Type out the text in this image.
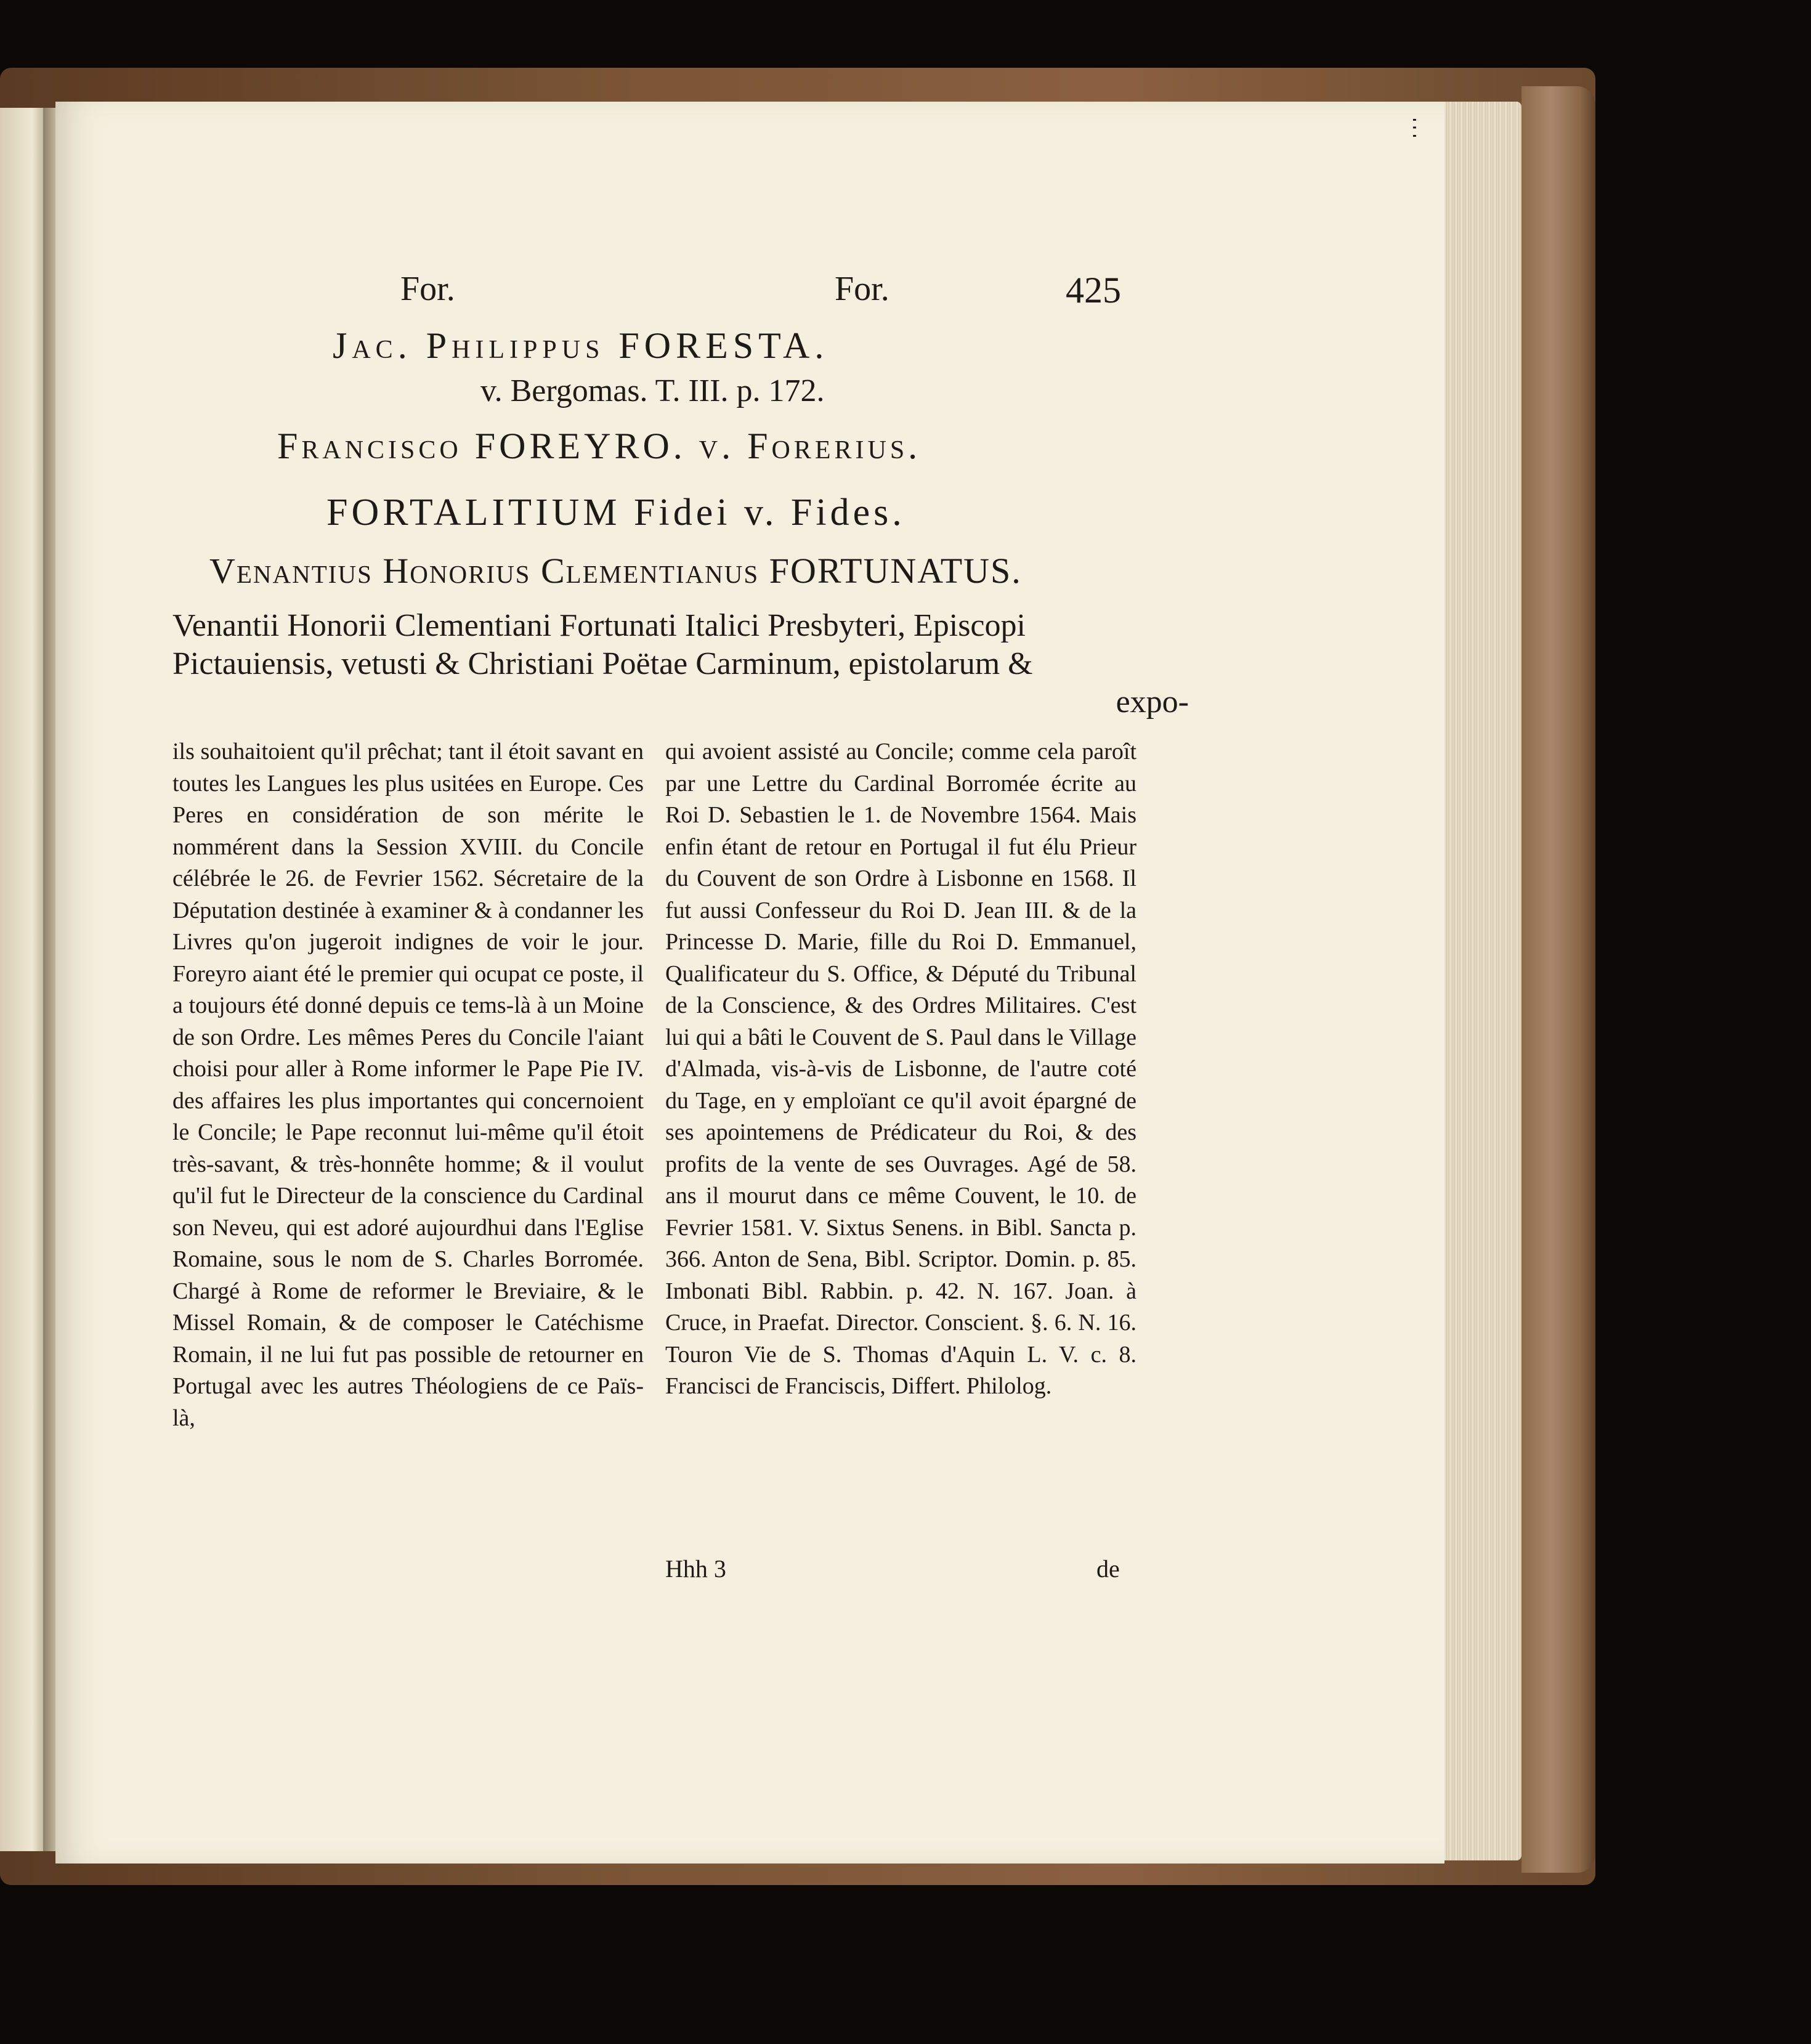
ⵗ
For.	For.	425
Jac. Philippus FORESTA.
v. Bergomas. T. III. p. 172.
Francisco FOREYRO. v. Forerius.
FORTALITIUM Fidei v. Fides.
Venantius Honorius Clementianus FORTUNATUS.
Venantii Honorii Clementiani Fortunati Italici Presbyteri, Episcopi
Pictauiensis, vetusti & Christiani Poëtae Carminum, epistolarum &
expo-

ils souhaitoient qu'il prêchat; tant il étoit savant en toutes les Langues les plus usitées en Europe. Ces Peres en considération de son mérite le nommérent dans la Session XVIII. du Concile célébrée le 26. de Fevrier 1562. Sécretaire de la Députation destinée à examiner & à condanner les Livres qu'on jugeroit indignes de voir le jour. Foreyro aiant été le premier qui ocupat ce poste, il a toujours été donné depuis ce tems-là à un Moine de son Ordre. Les mêmes Peres du Concile l'aiant choisi pour aller à Rome informer le Pape Pie IV. des affaires les plus importantes qui concernoient le Concile; le Pape reconnut lui-même qu'il étoit très-savant, & très-honnête homme; & il voulut qu'il fut le Directeur de la conscience du Cardinal son Neveu, qui est adoré aujourdhui dans l'Eglise Romaine, sous le nom de S. Charles Borromée. Chargé à Rome de reformer le Breviaire, & le Missel Romain, & de composer le Catéchisme Romain, il ne lui fut pas possible de retourner en Portugal avec les autres Théologiens de ce Païs-là,

qui avoient assisté au Concile; comme cela paroît par une Lettre du Cardinal Borromée écrite au Roi D. Sebastien le 1. de Novembre 1564. Mais enfin étant de retour en Portugal il fut élu Prieur du Couvent de son Ordre à Lisbonne en 1568. Il fut aussi Confesseur du Roi D. Jean III. & de la Princesse D. Marie, fille du Roi D. Emmanuel, Qualificateur du S. Office, & Député du Tribunal de la Conscience, & des Ordres Militaires. C'est lui qui a bâti le Couvent de S. Paul dans le Village d'Almada, vis-à-vis de Lisbonne, de l'autre coté du Tage, en y emploïant ce qu'il avoit épargné de ses apointemens de Prédicateur du Roi, & des profits de la vente de ses Ouvrages. Agé de 58. ans il mourut dans ce même Couvent, le 10. de Fevrier 1581. V. Sixtus Senens. in Bibl. Sancta p. 366. Anton de Sena, Bibl. Scriptor. Domin. p. 85. Imbonati Bibl. Rabbin. p. 42. N. 167. Joan. à Cruce, in Praefat. Director. Conscient. §. 6. N. 16. Touron Vie de S. Thomas d'Aquin L. V. c. 8. Francisci de Franciscis, Differt. Philolog.

Hhh 3	de
